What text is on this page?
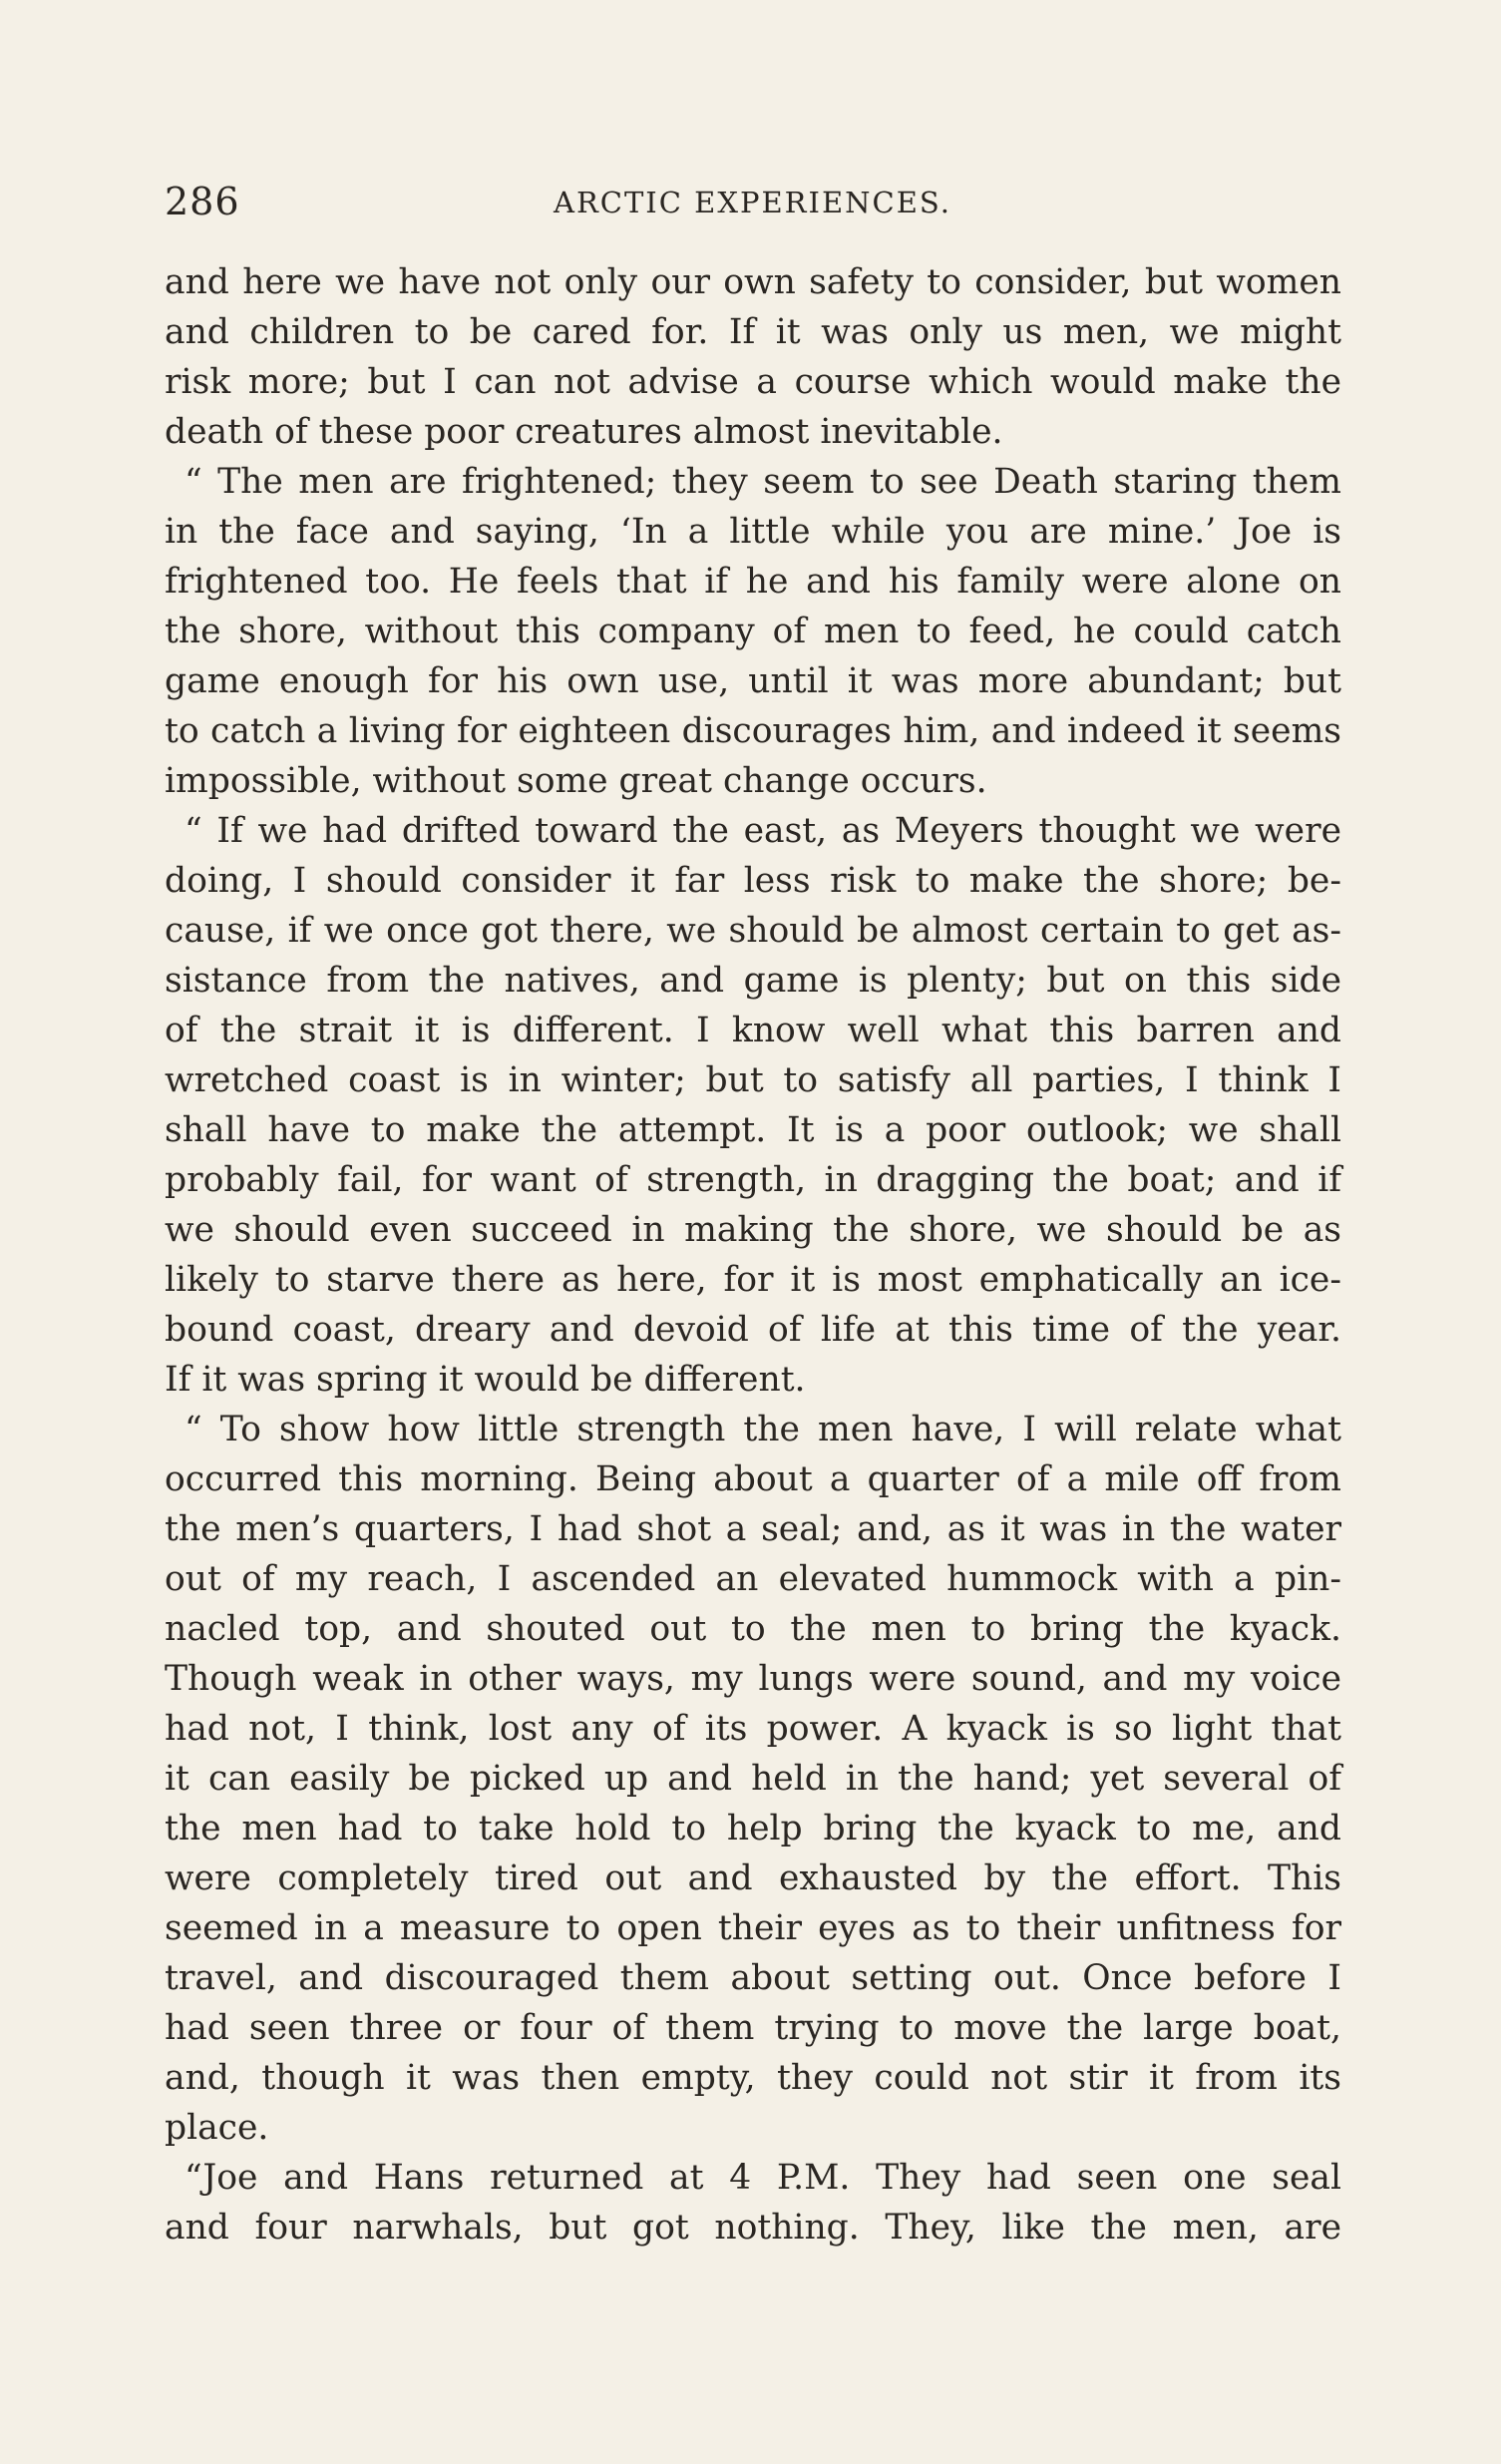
286	ARCTIC EXPERIENCES.
and here we have not only our own safety to consider, but women
and children to be cared for. If it was only us men, we might
risk more; but I can not advise a course which would make the
death of these poor creatures almost inevitable.
“ The men are frightened; they seem to see Death staring them
in the face and saying, ‘In a little while you are mine.’ Joe is
frightened too. He feels that if he and his family were alone on
the shore, without this company of men to feed, he could catch
game enough for his own use, until it was more abundant; but
to catch a living for eighteen discourages him, and indeed it seems
impossible, without some great change occurs.
“ If we had drifted toward the east, as Meyers thought we were
doing, I should consider it far less risk to make the shore; be-
cause, if we once got there, we should be almost certain to get as-
sistance from the natives, and game is plenty; but on this side
of the strait it is different. I know well what this barren and
wretched coast is in winter; but to satisfy all parties, I think I
shall have to make the attempt. It is a poor outlook; we shall
probably fail, for want of strength, in dragging the boat; and if
we should even succeed in making the shore, we should be as
likely to starve there as here, for it is most emphatically an ice-
bound coast, dreary and devoid of life at this time of the year.
If it was spring it would be different.
“ To show how little strength the men have, I will relate what
occurred this morning. Being about a quarter of a mile off from
the men’s quarters, I had shot a seal; and, as it was in the water
out of my reach, I ascended an elevated hummock with a pin-
nacled top, and shouted out to the men to bring the kyack.
Though weak in other ways, my lungs were sound, and my voice
had not, I think, lost any of its power. A kyack is so light that
it can easily be picked up and held in the hand; yet several of
the men had to take hold to help bring the kyack to me, and
were completely tired out and exhausted by the effort. This
seemed in a measure to open their eyes as to their unfitness for
travel, and discouraged them about setting out. Once before I
had seen three or four of them trying to move the large boat,
and, though it was then empty, they could not stir it from its
place.
“Joe and Hans returned at 4 P.M. They had seen one seal
and four narwhals, but got nothing. They, like the men, are
